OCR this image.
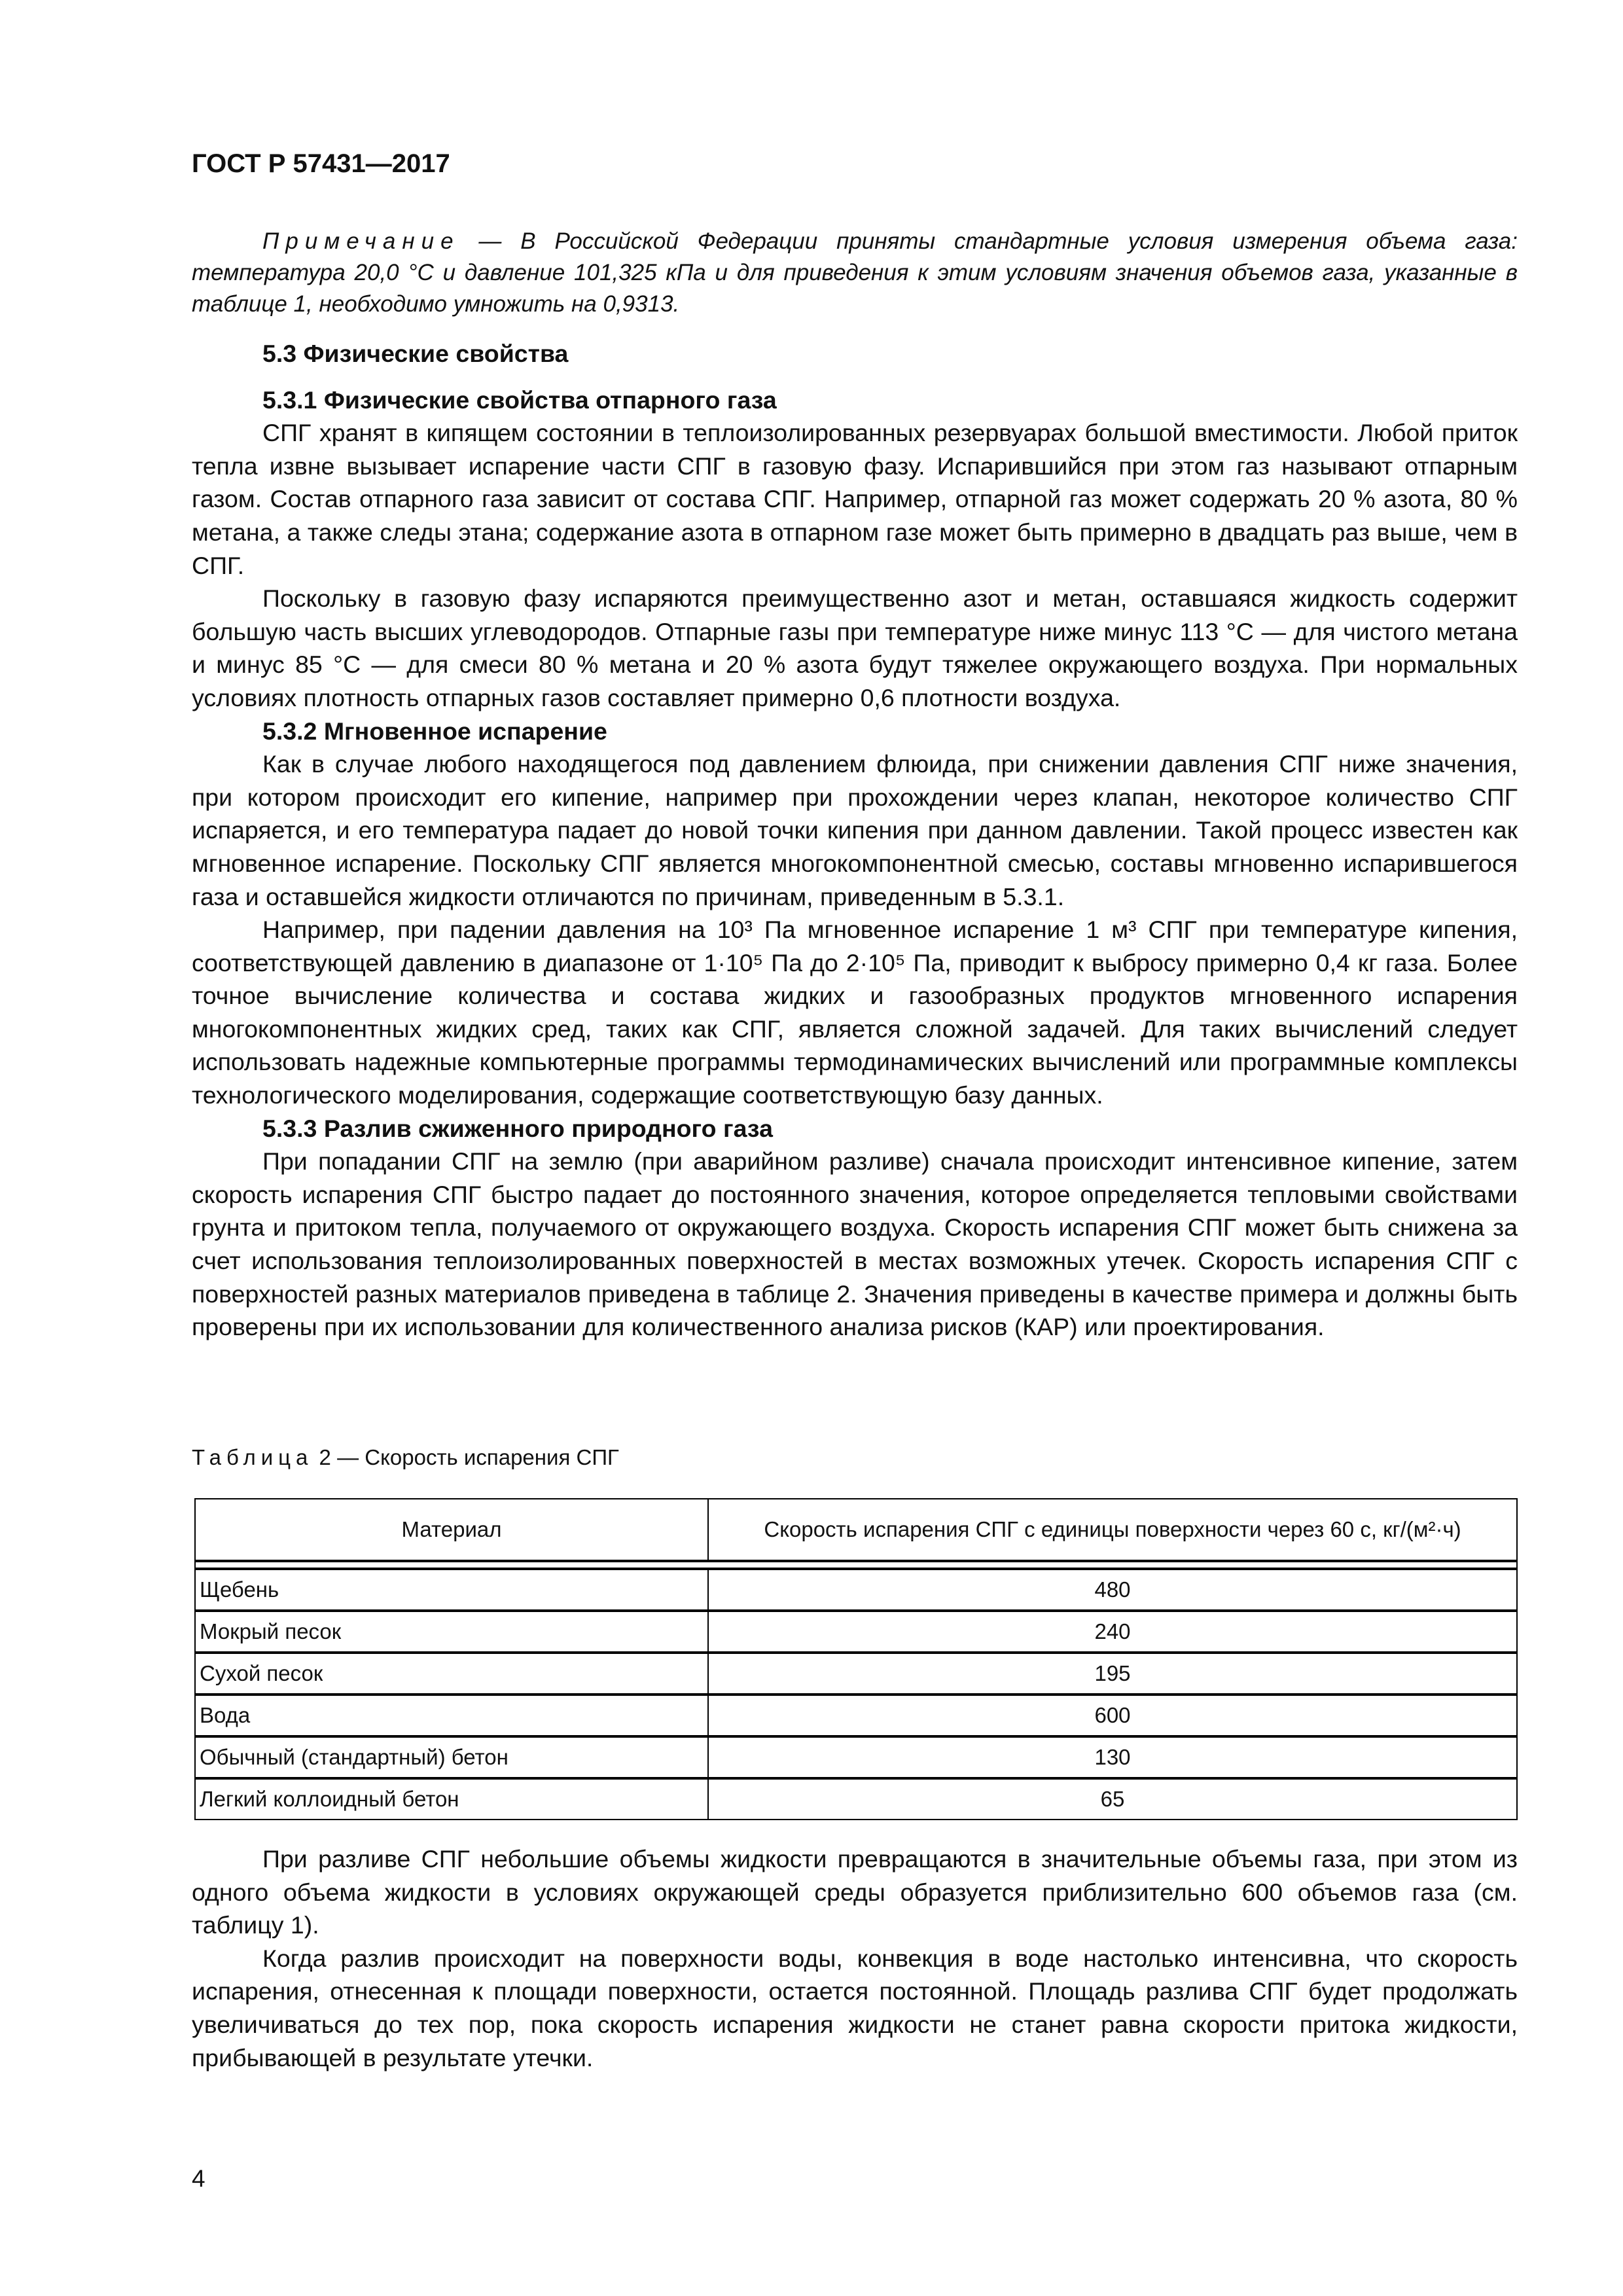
ГОСТ Р 57431—2017
Примечание — В Российской Федерации приняты стандартные условия измерения объема газа: температура 20,0 °С и давление 101,325 кПа и для приведения к этим условиям значения объемов газа, указанные в таблице 1, необходимо умножить на 0,9313.
5.3 Физические свойства
5.3.1 Физические свойства отпарного газа

СПГ хранят в кипящем состоянии в теплоизолированных резервуарах большой вместимости. Любой приток тепла извне вызывает испарение части СПГ в газовую фазу. Испарившийся при этом газ называют отпарным газом. Состав отпарного газа зависит от состава СПГ. Например, отпарной газ может содержать 20 % азота, 80 % метана, а также следы этана; содержание азота в отпарном газе может быть примерно в двадцать раз выше, чем в СПГ.

Поскольку в газовую фазу испаряются преимущественно азот и метан, оставшаяся жидкость содержит большую часть высших углеводородов. Отпарные газы при температуре ниже минус 113 °С — для чистого метана и минус 85 °С — для смеси 80 % метана и 20 % азота будут тяжелее окружающего воздуха. При нормальных условиях плотность отпарных газов составляет примерно 0,6 плотности воздуха.

5.3.2 Мгновенное испарение

Как в случае любого находящегося под давлением флюида, при снижении давления СПГ ниже значения, при котором происходит его кипение, например при прохождении через клапан, некоторое количество СПГ испаряется, и его температура падает до новой точки кипения при данном давлении. Такой процесс известен как мгновенное испарение. Поскольку СПГ является многокомпонентной смесью, составы мгновенно испарившегося газа и оставшейся жидкости отличаются по причинам, приведенным в 5.3.1.

Например, при падении давления на 10³ Па мгновенное испарение 1 м³ СПГ при температуре кипения, соответствующей давлению в диапазоне от 1·10⁵ Па до 2·10⁵ Па, приводит к выбросу примерно 0,4 кг газа. Более точное вычисление количества и состава жидких и газообразных продуктов мгновенного испарения многокомпонентных жидких сред, таких как СПГ, является сложной задачей. Для таких вычислений следует использовать надежные компьютерные программы термодинамических вычислений или программные комплексы технологического моделирования, содержащие соответствующую базу данных.

5.3.3 Разлив сжиженного природного газа

При попадании СПГ на землю (при аварийном разливе) сначала происходит интенсивное кипение, затем скорость испарения СПГ быстро падает до постоянного значения, которое определяется тепловыми свойствами грунта и притоком тепла, получаемого от окружающего воздуха. Скорость испарения СПГ может быть снижена за счет использования теплоизолированных поверхностей в местах возможных утечек. Скорость испарения СПГ с поверхностей разных материалов приведена в таблице 2. Значения приведены в качестве примера и должны быть проверены при их использовании для количественного анализа рисков (КАР) или проектирования.

Таблица 2 — Скорость испарения СПГ
Материал	Скорость испарения СПГ с единицы поверхности через 60 с, кг/(м²·ч)

Щебень	480
Мокрый песок	240
Сухой песок	195
Вода	600
Обычный (стандартный) бетон	130
Легкий коллоидный бетон	65

При разливе СПГ небольшие объемы жидкости превращаются в значительные объемы газа, при этом из одного объема жидкости в условиях окружающей среды образуется приблизительно 600 объемов газа (см. таблицу 1).

Когда разлив происходит на поверхности воды, конвекция в воде настолько интенсивна, что скорость испарения, отнесенная к площади поверхности, остается постоянной. Площадь разлива СПГ будет продолжать увеличиваться до тех пор, пока скорость испарения жидкости не станет равна скорости притока жидкости, прибывающей в результате утечки.

4
